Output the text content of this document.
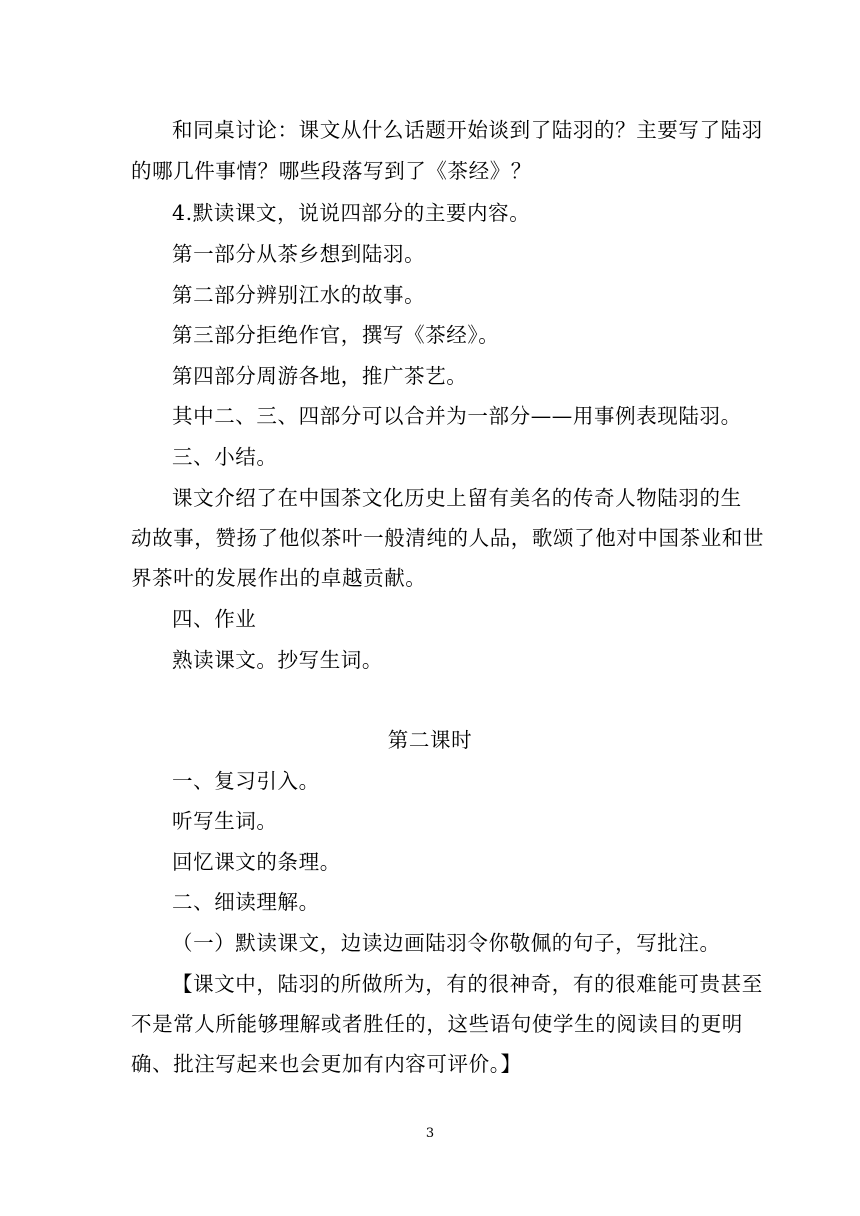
和同桌讨论：课文从什么话题开始谈到了陆羽的？主要写了陆羽
的哪几件事情？哪些段落写到了《茶经》？
4.默读课文，说说四部分的主要内容。
第一部分从茶乡想到陆羽。
第二部分辨别江水的故事。
第三部分拒绝作官，撰写《茶经》。
第四部分周游各地，推广茶艺。
其中二、三、四部分可以合并为一部分——用事例表现陆羽。
三、小结。
课文介绍了在中国茶文化历史上留有美名的传奇人物陆羽的生
动故事，赞扬了他似茶叶一般清纯的人品，歌颂了他对中国茶业和世
界茶叶的发展作出的卓越贡献。
四、作业
熟读课文。抄写生词。
第二课时
一、复习引入。
听写生词。
回忆课文的条理。
二、细读理解。
（一）默读课文，边读边画陆羽令你敬佩的句子，写批注。
【课文中，陆羽的所做所为，有的很神奇，有的很难能可贵甚至
不是常人所能够理解或者胜任的，这些语句使学生的阅读目的更明
确、批注写起来也会更加有内容可评价。】
3
